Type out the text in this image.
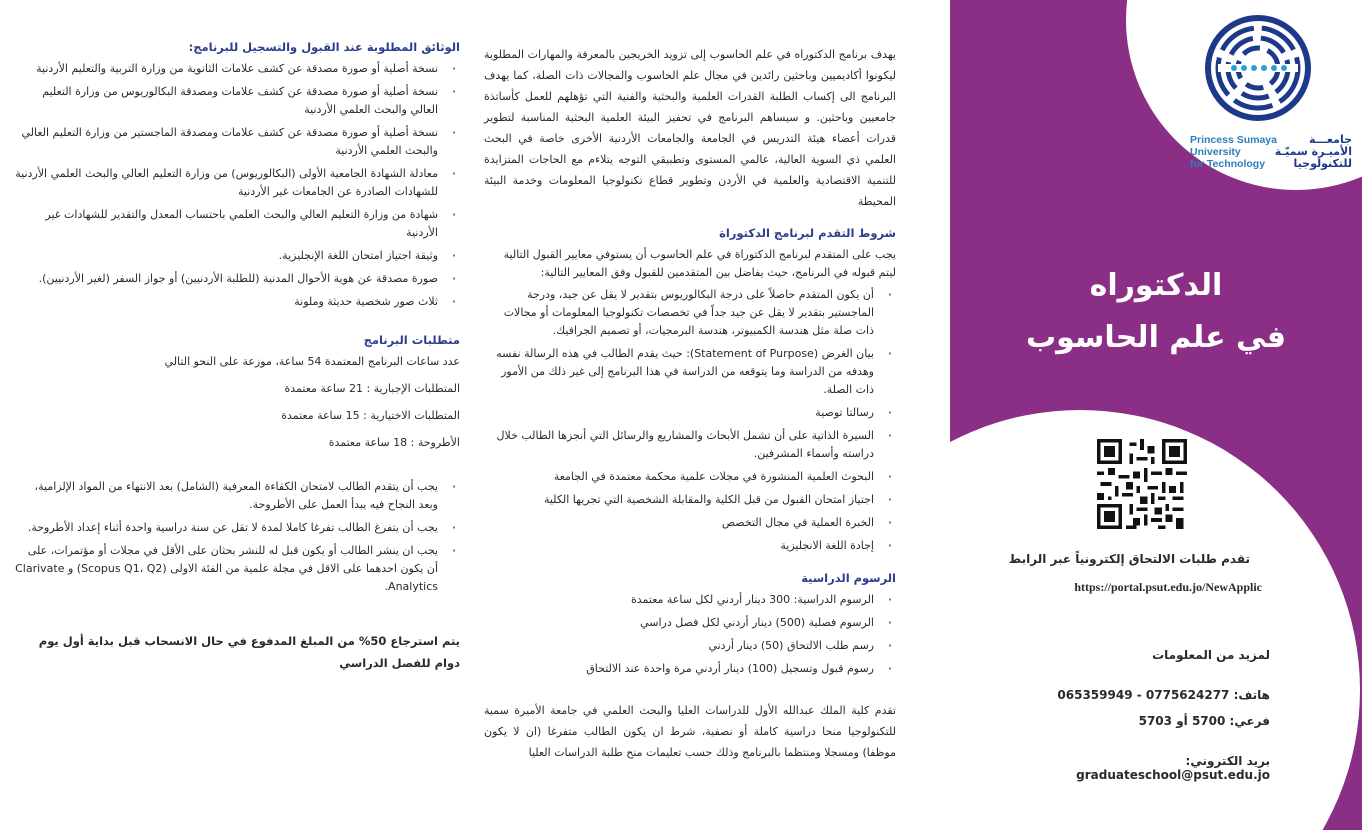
الوثائق المطلوبة عند القبول والتسجيل للبرنامج:
· نسخة أصلية أو صورة مصدقة عن كشف علامات الثانوية من وزارة التربية والتعليم الأردنية
· نسخة أصلية أو صورة مصدقة عن كشف علامات ومصدقة البكالوريوس من وزارة التعليم العالي والبحث العلمي الأردنية
· نسخة أصلية أو صورة مصدقة عن كشف علامات ومصدقة الماجستير من وزارة التعليم العالي والبحث العلمي الأردنية
· معادلة الشهادة الجامعية الأولى (البكالوريوس) من وزارة التعليم العالي والبحث العلمي الأردنية للشهادات الصادرة عن الجامعات غير الأردنية
· شهادة من وزارة التعليم العالي والبحث العلمي باحتساب المعدل والتقدير للشهادات غير الأردنية
· وثيقة اجتياز امتحان اللغة الإنجليزية.
· صورة مصدقة عن هوية الأحوال المدنية (للطلبة الأردنيين) أو جواز السفر (لغير الأردنيين).
· ثلاث صور شخصية حديثة وملونة
متطلبات البرنامج
عدد ساعات البرنامج المعتمدة 54 ساعة، موزعة على النحو التالي
المتطلبات الإجبارية : 21 ساعة معتمدة
المتطلبات الاختيارية : 15 ساعة معتمدة
الأطروحة : 18 ساعة معتمدة
· يجب أن يتقدم الطالب لامتحان الكفاءة المعرفية (الشامل) بعد الانتهاء من المواد الإلزامية، وبعد النجاح فيه يبدأ العمل على الأطروحة.
· يجب أن يتفرغ الطالب تفرغا كاملا لمدة لا تقل عن سنة دراسية واحدة أثناء إعداد الأطروحة.
· يجب ان ينشر الطالب أو يكون قبل له للنشر بحثان على الأقل في مجلات أو مؤتمرات، على أن يكون احدهما على الاقل في مجلة علمية من الفئة الاولى (Scopus Q1، Q2) و Clarivate Analytics.
يتم استرجاع 50% من المبلغ المدفوع في حال الانسحاب قبل بداية أول يوم دوام للفصل الدراسي
يهدف برنامج الدكتوراه في علم الحاسوب إلى تزويد الخريجين بالمعرفة والمهارات المطلوبة ليكونوا أكاديميين وباحثين رائدين في مجال علم الحاسوب والمجالات ذات الصلة، كما يهدف البرنامج الى إكساب الطلبة القدرات العلمية والبحثية والفنية التي تؤهلهم للعمل كأساتذة جامعيين وباحثين. و سيساهم البرنامج في تحفيز البيئة العلمية البحثية المناسبة لتطوير قدرات أعضاء هيئة التدريس في الجامعة والجامعات الأردنية الأخرى خاصة في البحث العلمي ذي السوية العالية، عالمي المستوى وتطبيقي التوجه يتلاءم مع الحاجات المتزايدة للتنمية الاقتصادية والعلمية في الأردن وتطوير قطاع تكنولوجيا المعلومات وخدمة البيئة المحيطة
شروط التقدم لبرنامج الدكتوراة
يجب على المتقدم لبرنامج الدكتوراة في علم الحاسوب أن يستوفي معايير القبول التالية ليتم قبوله في البرنامج، حيث يفاضل بين المتقدمين للقبول وفق المعايير التالية:
· أن يكون المتقدم حاصلاً على درجة البكالوريوس بتقدير لا يقل عن جيد، ودرجة الماجستير بتقدير لا يقل عن جيد جداً في تخصصات تكنولوجيا المعلومات أو مجالات ذات صلة مثل هندسة الكمبيوتر، هندسة البرمجيات، أو تصميم الجرافيك.
· بيان الغرض (Statement of Purpose): حيث يقدم الطالب في هذه الرسالة نفسه وهدفه من الدراسة وما يتوقعه من الدراسة في هذا البرنامج إلى غير ذلك من الأمور ذات الصلة.
· رسالتا توصية
· السيرة الذاتية على أن تشمل الأبحاث والمشاريع والرسائل التي أنجزها الطالب خلال دراسته وأسماء المشرفين.
· البحوث العلمية المنشورة في مجلات علمية محكمة معتمدة في الجامعة
· اجتياز امتحان القبول من قبل الكلية والمقابلة الشخصية التي تجريها الكلية
· الخبرة العملية في مجال التخصص
· إجادة اللغة الانجليزية
الرسوم الدراسية
· الرسوم الدراسية: 300 دينار أردني لكل ساعة معتمدة
· الرسوم فصلية (500) دينار أردني لكل فصل دراسي
· رسم طلب الالتحاق (50) دينار أردني
· رسوم قبول وتسجيل (100) دينار أردني مرة واحدة عند الالتحاق
تقدم كلية الملك عبدالله الأول للدراسات العليا والبحث العلمي في جامعة الأميرة سمية للتكنولوجيا منحا دراسية كاملة أو نصفية، شرط ان يكون الطالب متفرغا (ان لا يكون موظفا) ومسجلا ومنتظما بالبرنامج وذلك حسب تعليمات منح طلبة الدراسات العليا
Princess Sumaya
University
for Technology
جامعـــة
الأميـرة سميّـة
للتكنولوجيا
الدكتوراه
في علم الحاسوب
تقدم طلبات الالتحاق إلكترونياً عبر الرابط
https://portal.psut.edu.jo/NewApplic
لمزيد من المعلومات
هاتف: 0775624277 - 065359949
فرعي: 5700 أو 5703
بريد الكتروني: graduateschool@psut.edu.jo
